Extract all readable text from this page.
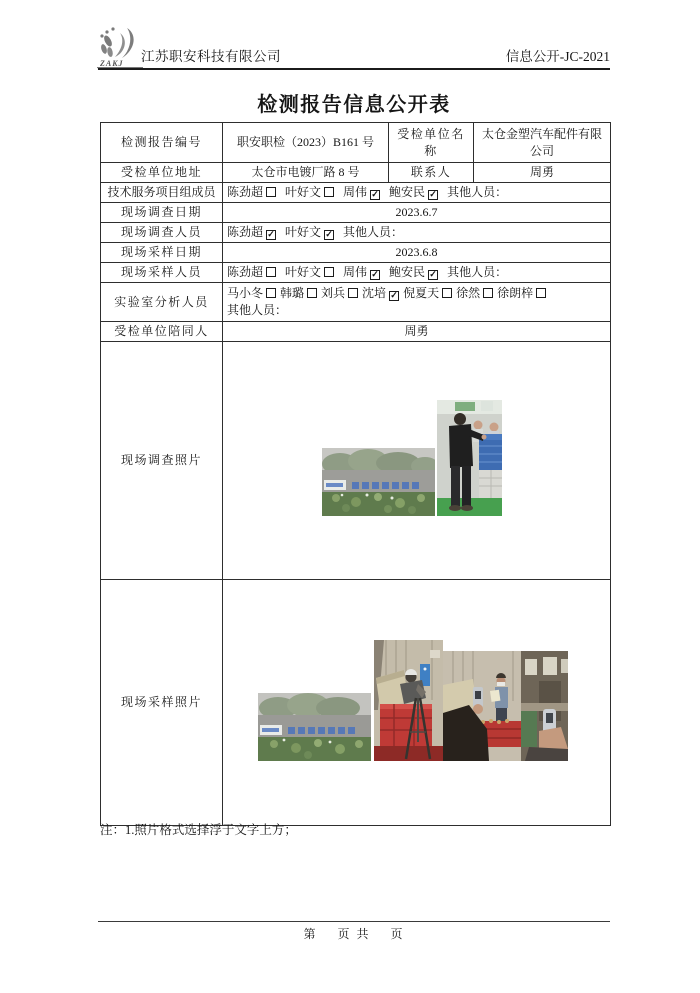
ZAKJ 江苏职安科技有限公司	信息公开-JC-2021
检测报告信息公开表
检测报告编号	职安职检（2023）B161 号	受检单位名称	太仓金塑汽车配件有限公司
受检单位地址	太仓市电镀厂路 8 号	联系人	周勇
技术服务项目组成员	陈劲超 叶好文 周伟 ✓ 鲍安民 ✓ 其他人员：		
现场调查日期	2023.6.7		
现场调查人员	陈劲超 ✓ 叶好文 ✓ 其他人员：		
现场采样日期	2023.6.8		
现场采样人员	陈劲超 叶好文 周伟 ✓ 鲍安民 ✓ 其他人员：		
实验室分析人员	马小冬 韩璐 刘兵 沈培 ✓ 倪夏天 徐然 徐朗梓
其他人员：		

受检单位陪同人	周勇		
现场调查照片	

现场采样照片	
注：1.照片格式选择浮于文字上方；
第    页 共    页
